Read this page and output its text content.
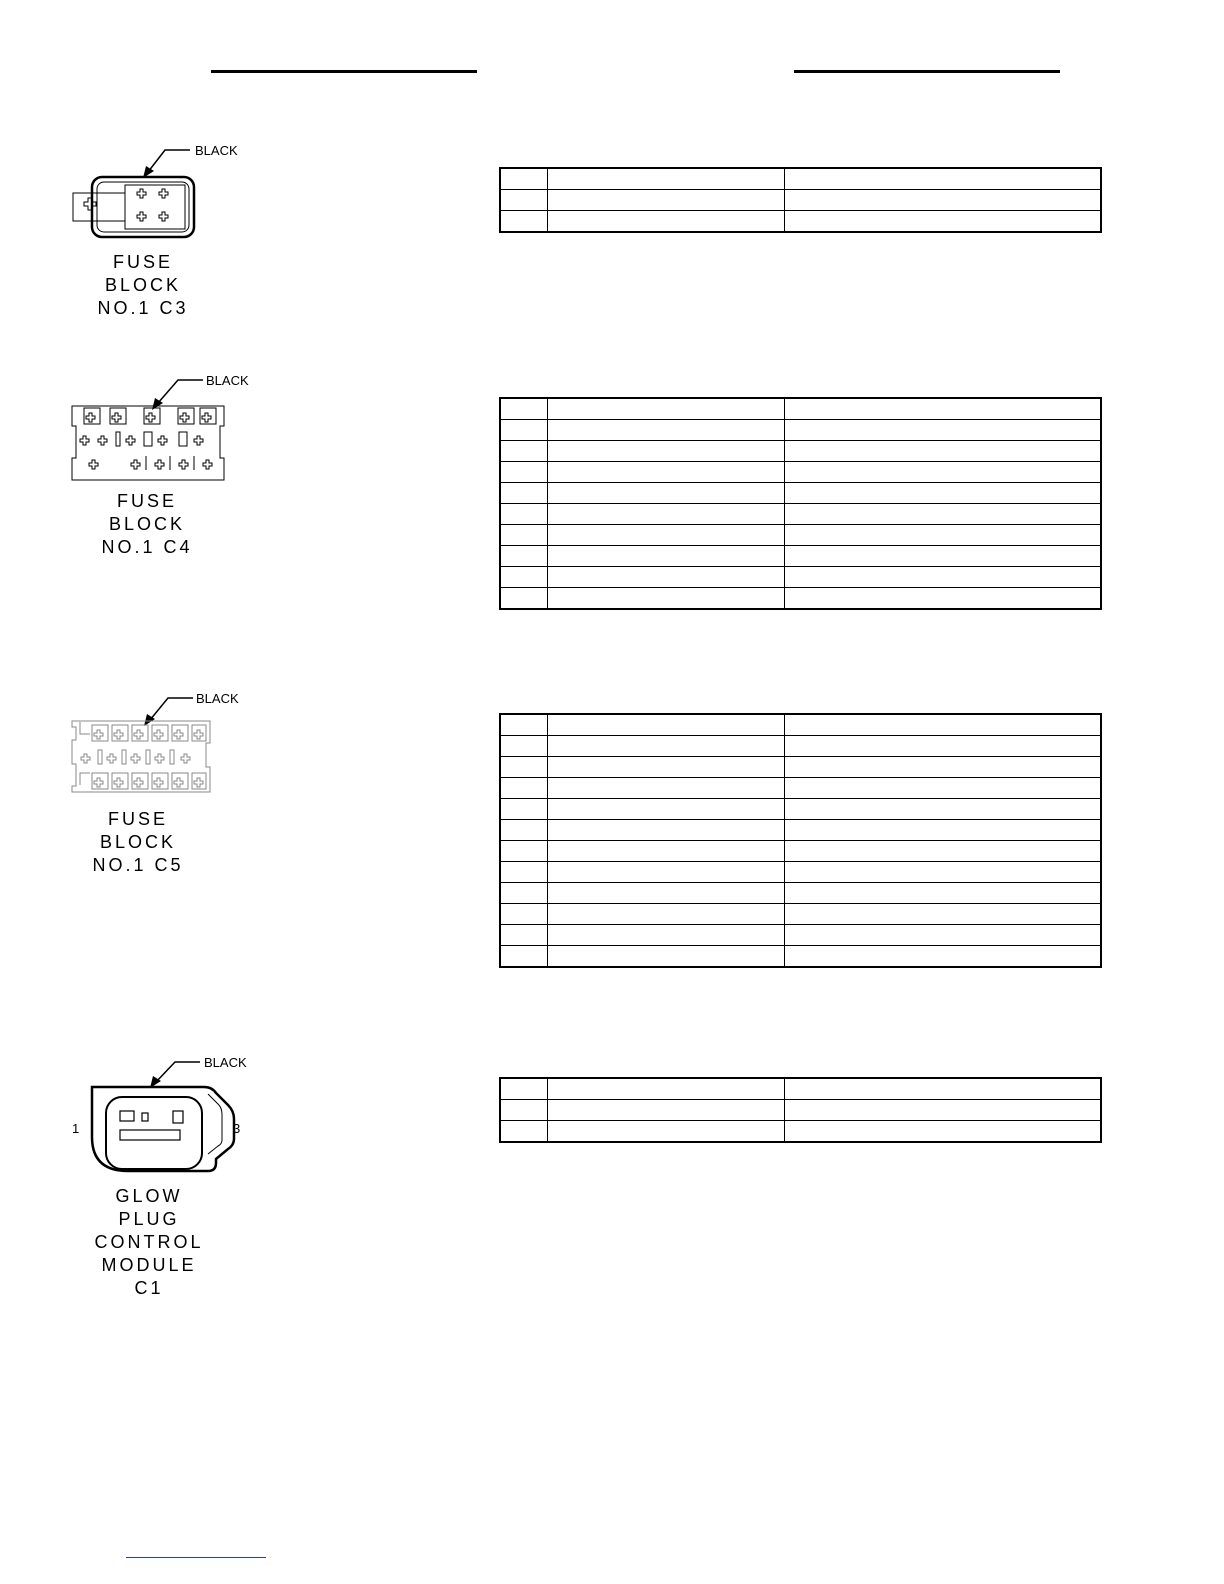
BLACK
FUSE
BLOCK
NO.1 C3

BLACK
FUSE
BLOCK
NO.1 C4

BLACK
FUSE
BLOCK
NO.1 C5

BLACK
1	3
GLOW
PLUG
CONTROL
MODULE
C1
